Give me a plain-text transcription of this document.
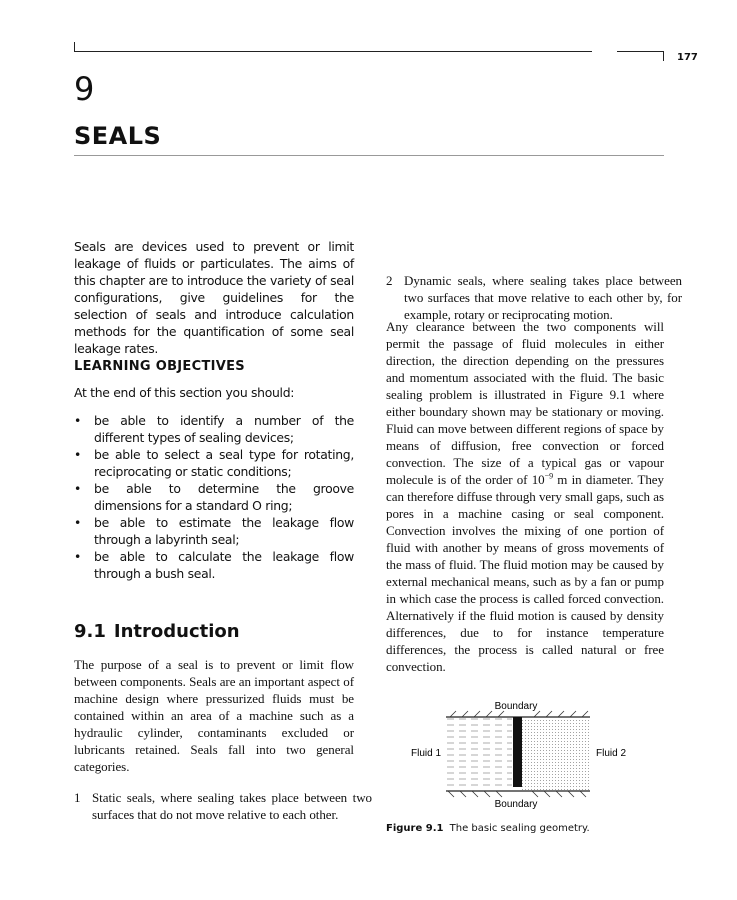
177
9
SEALS
Seals are devices used to prevent or limit leakage of fluids or particulates. The aims of this chapter are to introduce the variety of seal configurations, give guidelines for the selection of seals and introduce calculation methods for the quantification of some seal leakage rates.
LEARNING OBJECTIVES
At the end of this section you should:
• be able to identify a number of the different types of sealing devices;
• be able to select a seal type for rotating, reciprocating or static conditions;
• be able to determine the groove dimensions for a standard O ring;
• be able to estimate the leakage flow through a labyrinth seal;
• be able to calculate the leakage flow through a bush seal.
9.1 Introduction
The purpose of a seal is to prevent or limit flow between components. Seals are an important aspect of machine design where pressurized fluids must be contained within an area of a machine such as a hydraulic cylinder, contaminants excluded or lubricants retained. Seals fall into two general categories.
1 Static seals, where sealing takes place between two surfaces that do not move relative to each other.
2 Dynamic seals, where sealing takes place between two surfaces that move relative to each other by, for example, rotary or reciprocating motion.
Any clearance between the two components will permit the passage of fluid molecules in either direction, the direction depending on the pressures and momentum associated with the fluid. The basic sealing problem is illustrated in Figure 9.1 where either boundary shown may be stationary or moving. Fluid can move between different regions of space by means of diffusion, free convection or forced convection. The size of a typical gas or vapour molecule is of the order of $10^{-9}$ m in diameter. They can therefore diffuse through very small gaps, such as pores in a machine casing or seal component. Convection involves the mixing of one portion of fluid with another by means of gross movements of the mass of fluid. The fluid motion may be caused by external mechanical means, such as by a fan or pump in which case the process is called forced convection. Alternatively if the fluid motion is caused by density differences, due to for instance temperature differences, the process is called natural or free convection.
Boundary
Boundary
Fluid 1	Fluid 2
Figure 9.1 The basic sealing geometry.
